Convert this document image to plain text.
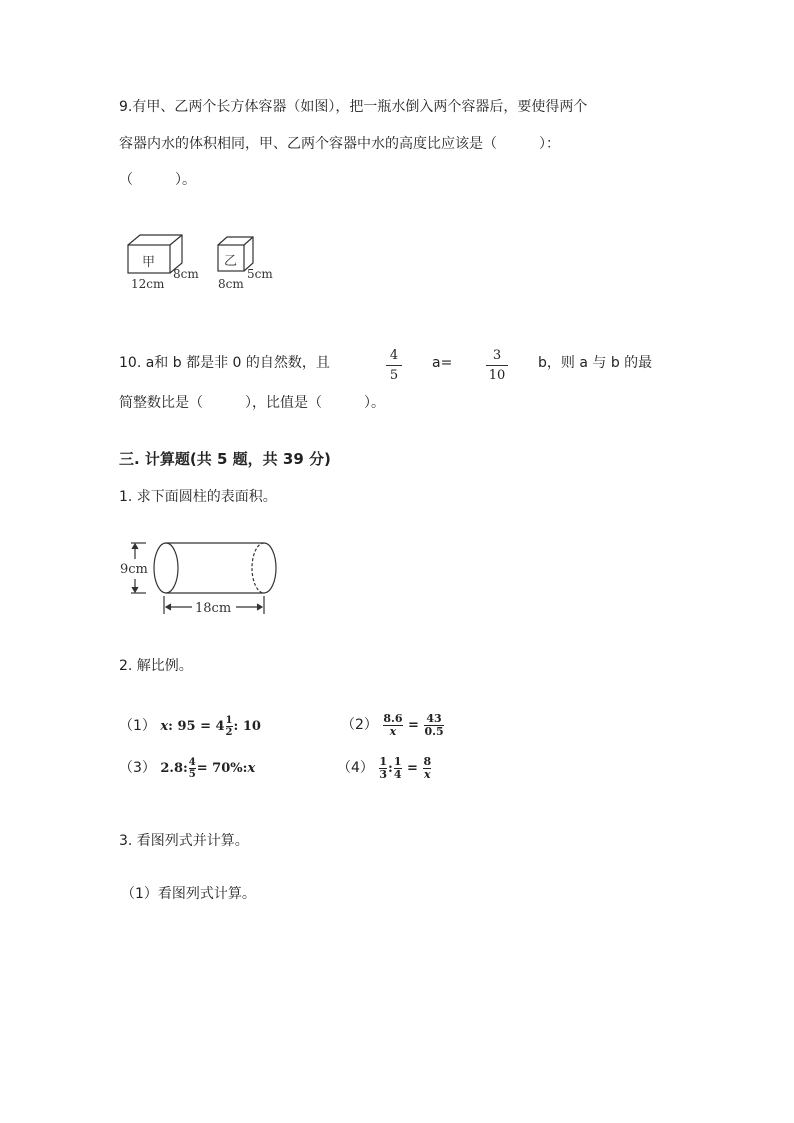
9.有甲、乙两个长方体容器（如图），把一瓶水倒入两个容器后，要使得两个
容器内水的体积相同，甲、乙两个容器中水的高度比应该是（　　　）：
（　　　）。
甲
8cm
12cm
乙
5cm
8cm
10. a和 b 都是非 0 的自然数，且	4
5
a=	3
10
b，则 a 与 b 的最
简整数比是（　　　），比值是（　　　）。
三. 计算题(共 5 题，共 39 分)
1. 求下面圆柱的表面积。
9cm
18cm
2. 解比例。
（1） x: $95 = 4 \frac{1}{2}$ : 10	$(2) \frac{8.6}{x} = \frac{43}{0.5}$
（3） 2.8: $\frac{4}{5}$ = 70%:x	$(4) \frac{1}{3}$ : $\frac{1}{4} = \frac{8}{x}$
3. 看图列式并计算。
（1）看图列式计算。
